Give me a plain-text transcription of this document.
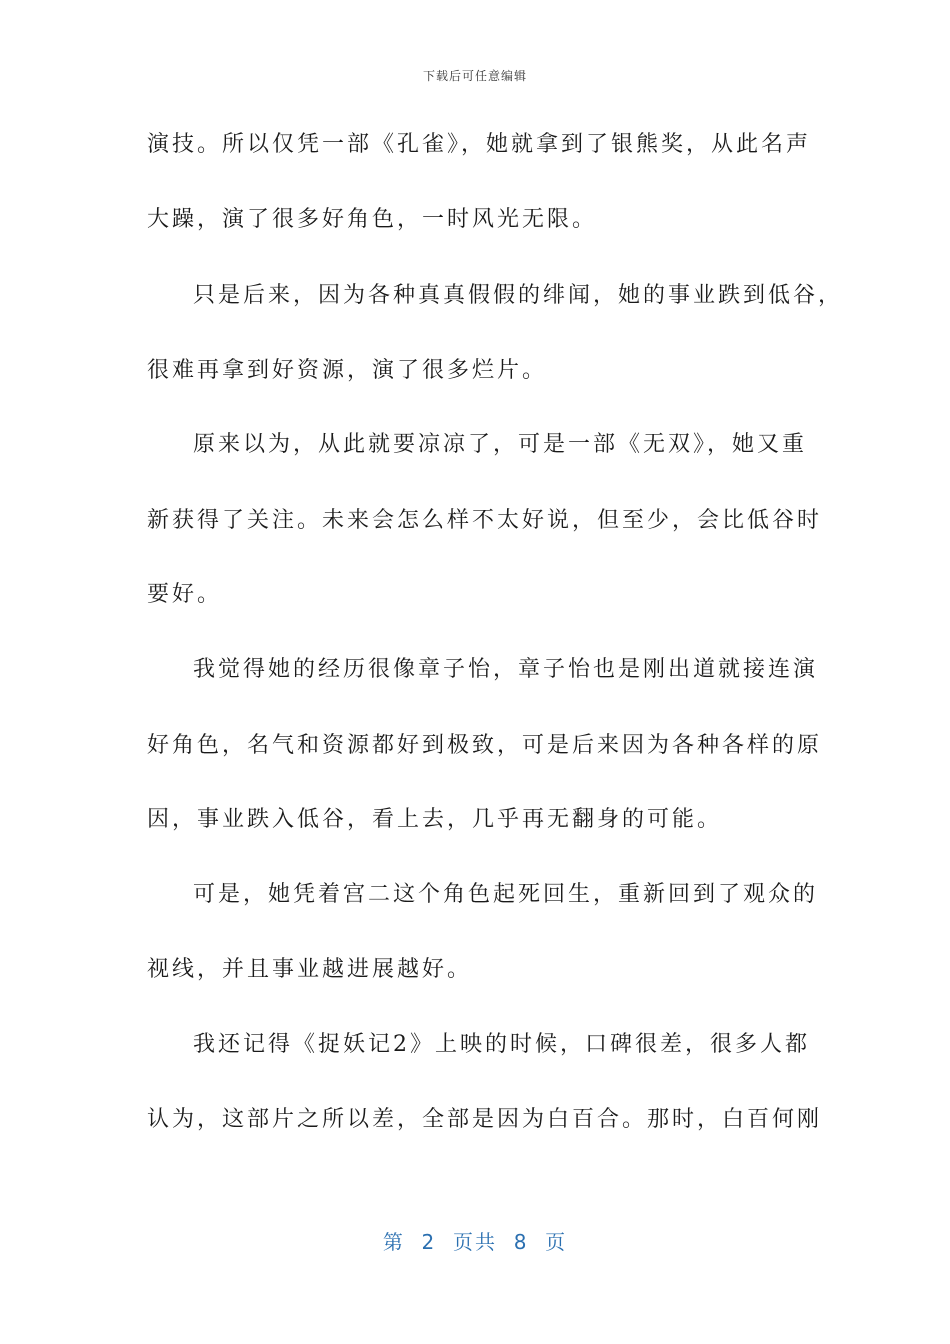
下载后可任意编辑
演技。所以仅凭一部《孔雀》，她就拿到了银熊奖，从此名声
大躁，演了很多好角色，一时风光无限。
只是后来，因为各种真真假假的绯闻，她的事业跌到低谷，
很难再拿到好资源，演了很多烂片。
原来以为，从此就要凉凉了，可是一部《无双》，她又重
新获得了关注。未来会怎么样不太好说，但至少，会比低谷时
要好。
我觉得她的经历很像章子怡，章子怡也是刚出道就接连演
好角色，名气和资源都好到极致，可是后来因为各种各样的原
因，事业跌入低谷，看上去，几乎再无翻身的可能。
可是，她凭着宫二这个角色起死回生，重新回到了观众的
视线，并且事业越进展越好。
我还记得《捉妖记2》上映的时候，口碑很差，很多人都
认为，这部片之所以差，全部是因为白百合。那时，白百何刚
第  2  页共  8  页
